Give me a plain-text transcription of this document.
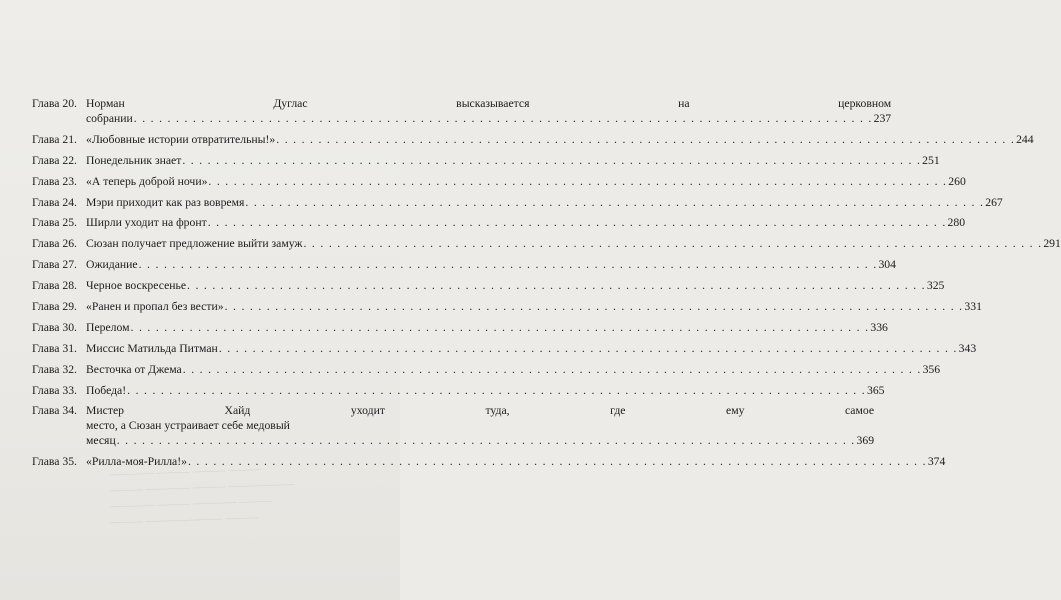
Глава 20. Норман Дуглас высказывается на церковном
собрании . . .	237
Глава 21. «Любовные истории отвратительны!» . . .	244
Глава 22. Понедельник знает . . .	251
Глава 23. «А теперь доброй ночи» . . .	260
Глава 24. Мэри приходит как раз вовремя . . .	267
Глава 25. Ширли уходит на фронт . . .	280
Глава 26. Сюзан получает предложение выйти замуж . . .	291
Глава 27. Ожидание . . .	304
Глава 28. Черное воскресенье . . .	325
Глава 29. «Ранен и пропал без вести» . . .	331
Глава 30. Перелом . . .	336
Глава 31. Миссис Матильда Питман . . .	343
Глава 32. Весточка от Джема . . .	356
Глава 33. Победа! . . .	365
Глава 34. Мистер Хайд уходит туда, где ему самое
место, а Сюзан устраивает себе медовый
месяц . . .	369
Глава 35. «Рилла-моя-Рилла!» . . .	374
———— ——— ——— ———
——— ———— ——— ——————
———— ——— ———— ———
——— ——————— ———
